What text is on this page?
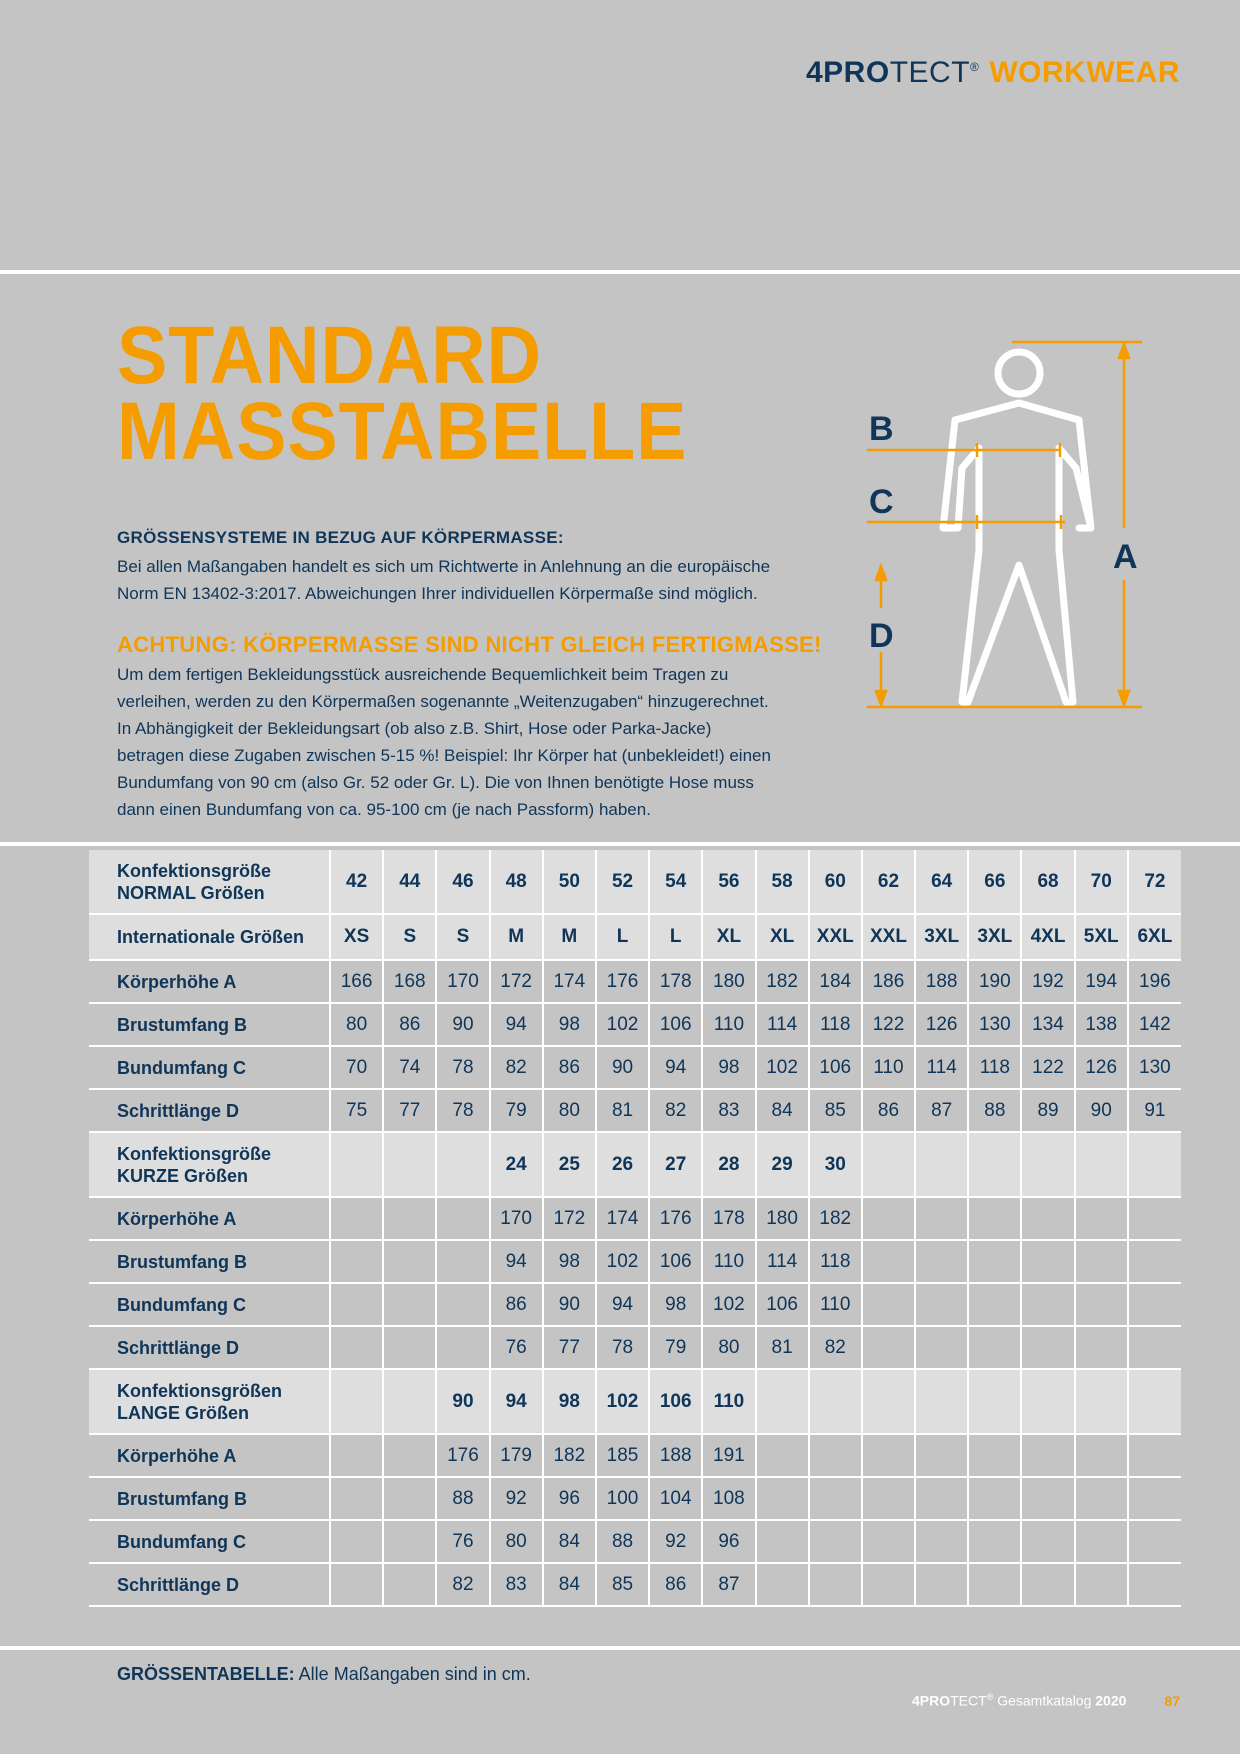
4PROTECT® WORKWEAR
STANDARD
MASSTABELLE
GRÖSSENSYSTEME IN BEZUG AUF KÖRPERMASSE:

Bei allen Maßangaben handelt es sich um Richtwerte in Anlehnung an die europäische

Norm EN 13402-3:2017. Abweichungen Ihrer individuellen Körpermaße sind möglich.

ACHTUNG: KÖRPERMASSE SIND NICHT GLEICH FERTIGMASSE!

Um dem fertigen Bekleidungsstück ausreichende Bequemlichkeit beim Tragen zu

verleihen, werden zu den Körpermaßen sogenannte „Weitenzugaben“ hinzugerechnet.

In Abhängigkeit der Bekleidungsart (ob also z.B. Shirt, Hose oder Parka-Jacke)

betragen diese Zugaben zwischen 5-15 %! Beispiel: Ihr Körper hat (unbekleidet!) einen

Bundumfang von 90 cm (also Gr. 52 oder Gr. L). Die von Ihnen benötigte Hose muss

dann einen Bundumfang von ca. 95-100 cm (je nach Passform) haben.

B
C
D
A
Konfektionsgröße
NORMAL Größen	42	44	46	48	50	52	54	56	58	60	62	64	66	68	70	72

Internationale Größen	XS	S	S	M	M	L	L	XL	XL	XXL	XXL	3XL	3XL	4XL	5XL	6XL

Körperhöhe A	166	168	170	172	174	176	178	180	182	184	186	188	190	192	194	196

Brustumfang B	80	86	90	94	98	102	106	110	114	118	122	126	130	134	138	142

Bundumfang C	70	74	78	82	86	90	94	98	102	106	110	114	118	122	126	130

Schrittlänge D	75	77	78	79	80	81	82	83	84	85	86	87	88	89	90	91

Konfektionsgröße
KURZE Größen				24	25	26	27	28	29	30						

Körperhöhe A				170	172	174	176	178	180	182						

Brustumfang B				94	98	102	106	110	114	118						

Bundumfang C				86	90	94	98	102	106	110						

Schrittlänge D				76	77	78	79	80	81	82						

Konfektionsgrößen
LANGE Größen			90	94	98	102	106	110								

Körperhöhe A			176	179	182	185	188	191								

Brustumfang B			88	92	96	100	104	108								

Bundumfang C			76	80	84	88	92	96								

Schrittlänge D			82	83	84	85	86	87								
GRÖSSENTABELLE: Alle Maßangaben sind in cm.
4PROTECT® Gesamtkatalog 2020	87
